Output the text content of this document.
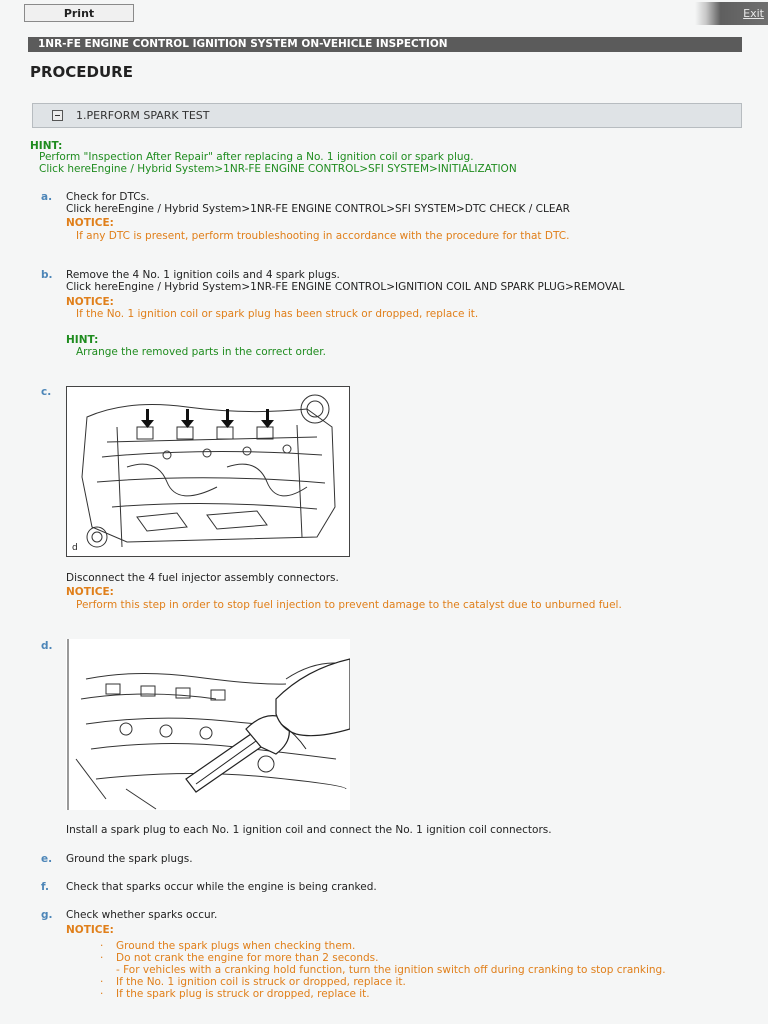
Print	Exit
1NR-FE ENGINE CONTROL IGNITION SYSTEM ON-VEHICLE INSPECTION
PROCEDURE
1.PERFORM SPARK TEST
HINT:
Perform "Inspection After Repair" after replacing a No. 1 ignition coil or spark plug.
Click hereEngine / Hybrid System>1NR-FE ENGINE CONTROL>SFI SYSTEM>INITIALIZATION
a. Check for DTCs.
Click hereEngine / Hybrid System>1NR-FE ENGINE CONTROL>SFI SYSTEM>DTC CHECK / CLEAR
NOTICE:
If any DTC is present, perform troubleshooting in accordance with the procedure for that DTC.
b. Remove the 4 No. 1 ignition coils and 4 spark plugs.
Click hereEngine / Hybrid System>1NR-FE ENGINE CONTROL>IGNITION COIL AND SPARK PLUG>REMOVAL
NOTICE:
If the No. 1 ignition coil or spark plug has been struck or dropped, replace it.
HINT:
Arrange the removed parts in the correct order.
c.
d
Disconnect the 4 fuel injector assembly connectors.
NOTICE:
Perform this step in order to stop fuel injection to prevent damage to the catalyst due to unburned fuel.
d.
Install a spark plug to each No. 1 ignition coil and connect the No. 1 ignition coil connectors.
e. Ground the spark plugs.
f. Check that sparks occur while the engine is being cranked.
g. Check whether sparks occur.
NOTICE:
· Ground the spark plugs when checking them.
· Do not crank the engine for more than 2 seconds.
- For vehicles with a cranking hold function, turn the ignition switch off during cranking to stop cranking.
· If the No. 1 ignition coil is struck or dropped, replace it.
· If the spark plug is struck or dropped, replace it.
